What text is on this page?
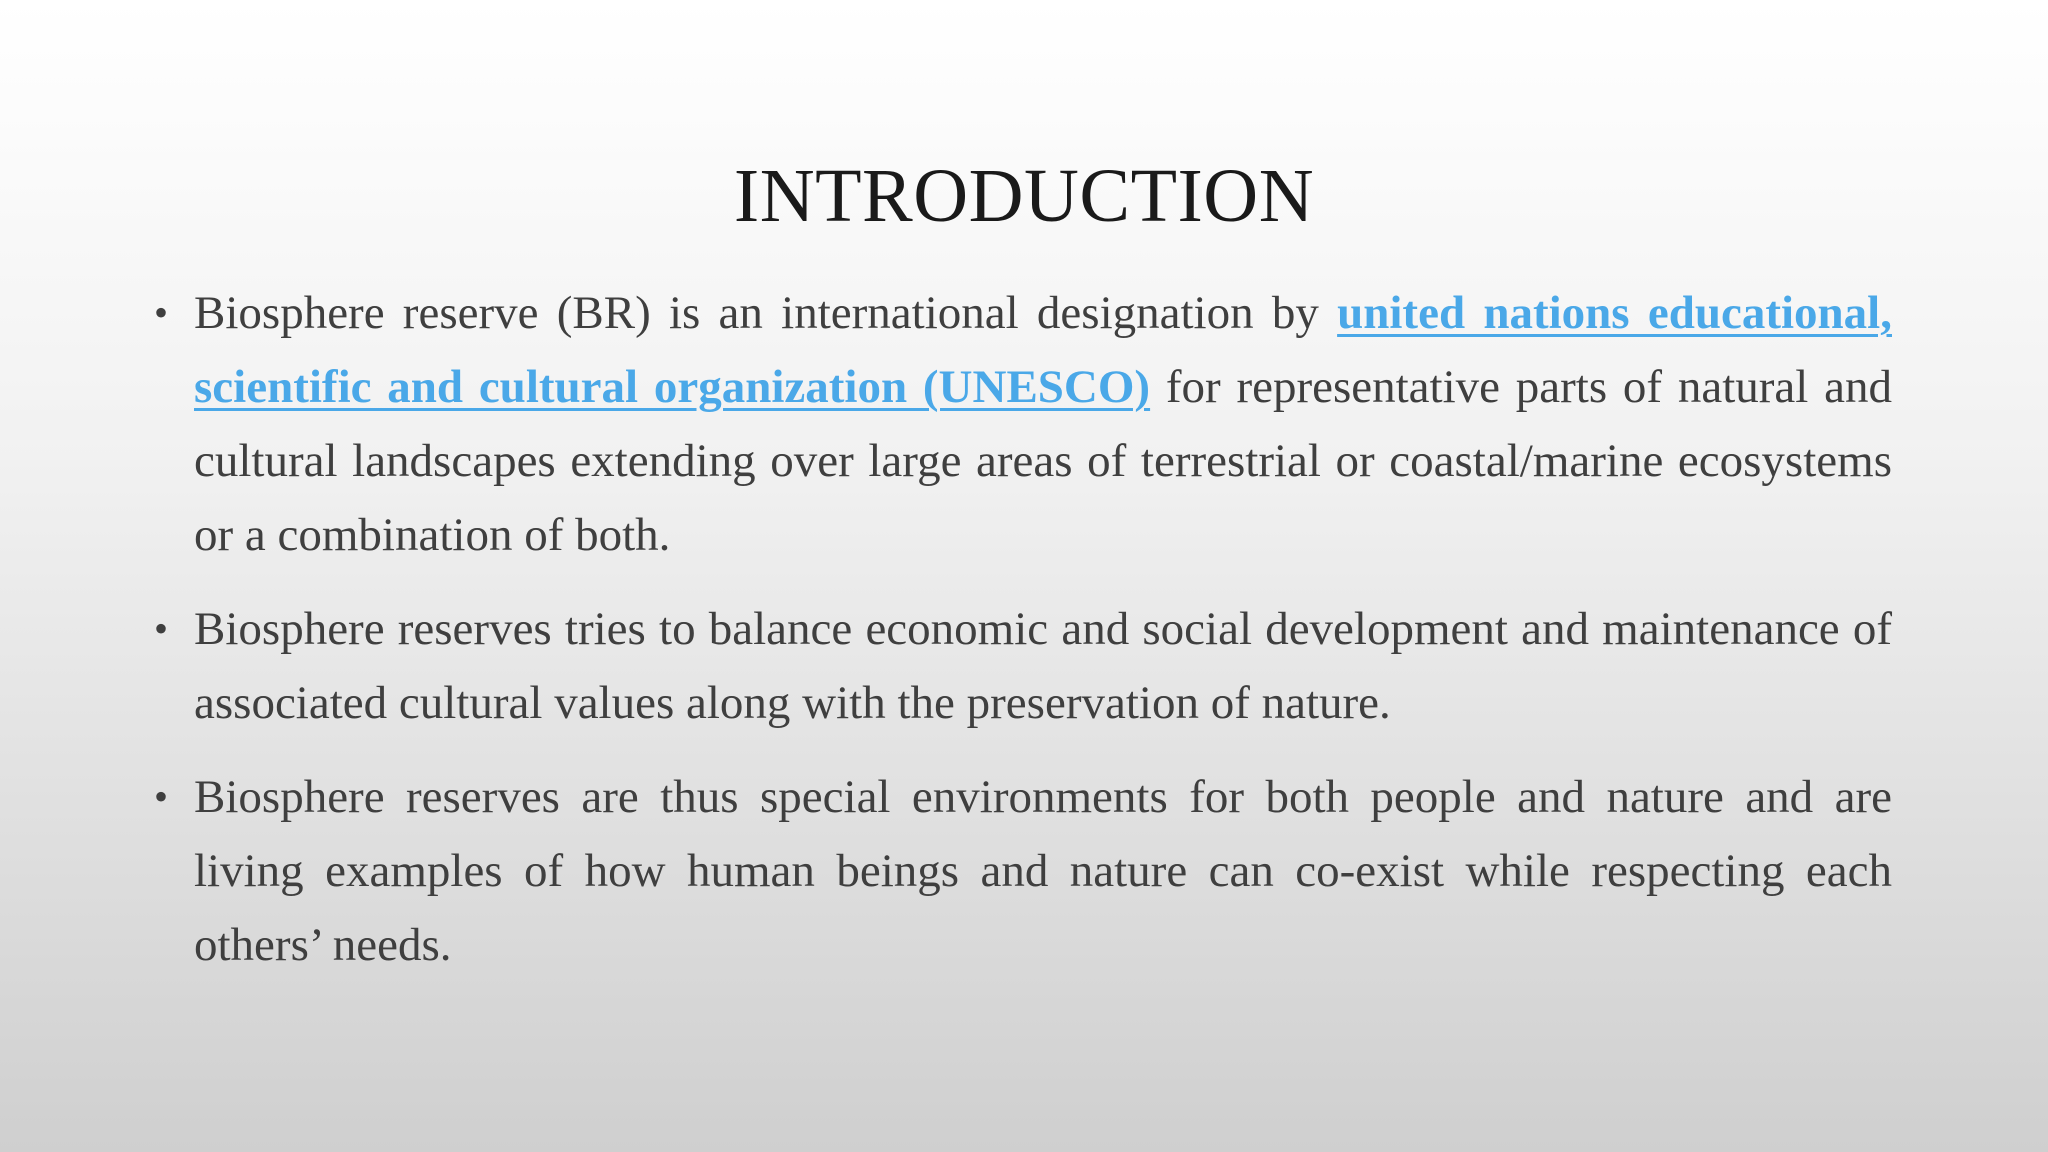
INTRODUCTION
• Biosphere reserve (BR) is an international designation by united nations educational, scientific and cultural organization (UNESCO) for representative parts of natural and cultural landscapes extending over large areas of terrestrial or coastal/marine ecosystems or a combination of both.
• Biosphere reserves tries to balance economic and social development and maintenance of associated cultural values along with the preservation of nature.
• Biosphere reserves are thus special environments for both people and nature and are living examples of how human beings and nature can co-exist while respecting each others’ needs.
